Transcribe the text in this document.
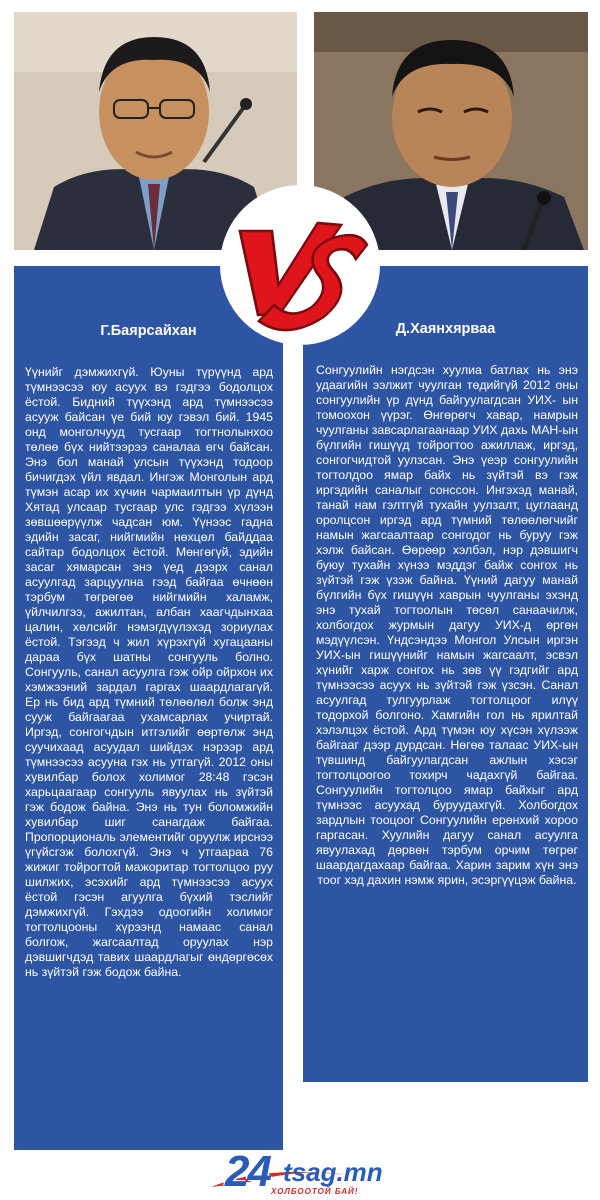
Г.Баярсайхан	Д.Хаянхярваа

Үүнийг дэмжихгүй. Юуны түрүүнд ард түмнээсээ юу асуух вэ гэдгээ бодолцох ёстой. Бидний түүхэнд ард түмнээсээ асууж байсан үе бий юу гэвэл бий. 1945 онд монголчууд тусгаар тогтнолынхоо төлөө бүх нийтээрээ саналаа өгч байсан. Энэ бол манай улсын түүхэнд тодоор бичигдэх үйл явдал. Ингэж Монголын ард түмэн асар их хүчин чармаилтын үр дүнд Хятад улсаар тусгаар улс гэдгээ хүлээн зөвшөөрүүлж чадсан юм. Үүнээс гадна эдийн засаг, нийгмийн нөхцөл байддаа сайтар бодолцох ёстой. Мөнгөгүй, эдийн засаг хямарсан энэ үед дээрх санал асуулгад зарцуулна гээд байгаа өчнөөн тэрбум төгрөгөө нийгмийн халамж, үйлчилгээ, ажилтан, албан хаагчдынхаа цалин, хөлсийг нэмэгдүүлэхэд зориулах ёстой. Тэгээд ч жил хүрэхгүй хугацааны дараа бүх шатны сонгууль болно. Сонгууль, санал асуулга гэж ойр ойрхон их хэмжээний зардал гаргах шаардлагагүй. Ер нь бид ард түмний төлөөлөл болж энд сууж байгаагаа ухамсарлах учиртай. Иргэд, сонгогчдын итгэлийг өөртөлж энд суучихаад асуудал шийдэх нэрээр ард түмнээсээ асууна гэх нь утгагүй. 2012 оны хувилбар болох холимог 28:48 гэсэн харьцаагаар сонгууль явуулах нь зүйтэй гэж бодож байна. Энэ нь тун боломжийн хувилбар шиг санагдаж байгаа. Пропорциональ элементийг оруулж ирснээ үгүйсгэж болохгүй. Энэ ч утгаараа 76 жижиг тойрогтой мажоритар тогтолцоо руу шилжих, эсэхийг ард түмнээсээ асуух ёстой гэсэн агуулга бүхий тэслийг дэмжихгүй. Гэхдээ одоогийн холимог тогтолцооны хүрээнд намаас санал болгож, жагсаалтад оруулах нэр дэвшигчдэд тавих шаардлагыг өндөргөсөх нь зүйтэй гэж бодож байна.

Сонгуулийн нэгдсэн хуулиа батлах нь энэ удаагийн ээлжит чуулган төдийгүй 2012 оны сонгуулийн үр дүнд байгуулагдсан УИХ- ын томоохон үүрэг. Өнгөрөгч хавар, намрын чуулганы завсарлагаанаар УИХ дахь МАН-ын бүлгийн гишүүд тойрогтоо ажиллаж, иргэд, сонгогчидтой уулзсан. Энэ үеэр сонгуулийн тогтолдоо ямар байх нь зүйтэй вэ гэж иргэдийн саналыг сонссон. Ингэхэд манай, танай нам гэлтгүй тухайн уулзалт, цуглаанд оролцсон иргэд ард түмний төлөөлөгчийг намын жагсаалтаар сонгодог нь буруу гэж хэлж байсан. Өөрөөр хэлбэл, нэр дэвшигч буюу тухайн хүнээ мэддэг байж сонгох нь зүйтэй гэж үзэж байна. Үүний дагуу манай бүлгийн бүх гишүүн хаврын чуулганы эхэнд энэ тухай тогтоолын төсөл санаачилж, холбогдох журмын дагуу УИХ-д өргөн мэдүүлсэн. Үндсэндээ Монгол Улсын иргэн УИХ-ын гишүүнийг намын жагсаалт, эсвэл хүнийг харж сонгох нь зөв үү гэдгийг ард түмнээсээ асуух нь зүйтэй гэж үзсэн. Санал асуулгад тулгуурлаж тогтолцоог илүү тодорхой болгоно. Хамгийн гол нь ярилтай хэлэлцэх ёстой. Ард түмэн юу хүсэн хүлээж байгааг дээр дурдсан. Нөгөө талаас УИХ-ын түвшинд байгуулагдсан ажлын хэсэг тогтолцоогоо тохирч чадахгүй байгаа. Сонгуулийн тогтолцоо ямар байхыг ард түмнээс асуухад буруудахгүй. Холбогдох зардлын тооцоог Сонгуулийн ерөнхий хороо гаргасан. Хуулийн дагуу санал асуулга явуулахад дөрвөн тэрбум орчим төгрөг шаардагдахаар байгаа. Харин зарим хүн энэ тоог хэд дахин нэмж ярин, эсэргүүцэж байна.

24 tsag.mn
ХОЛБООТОЙ БАЙ!
